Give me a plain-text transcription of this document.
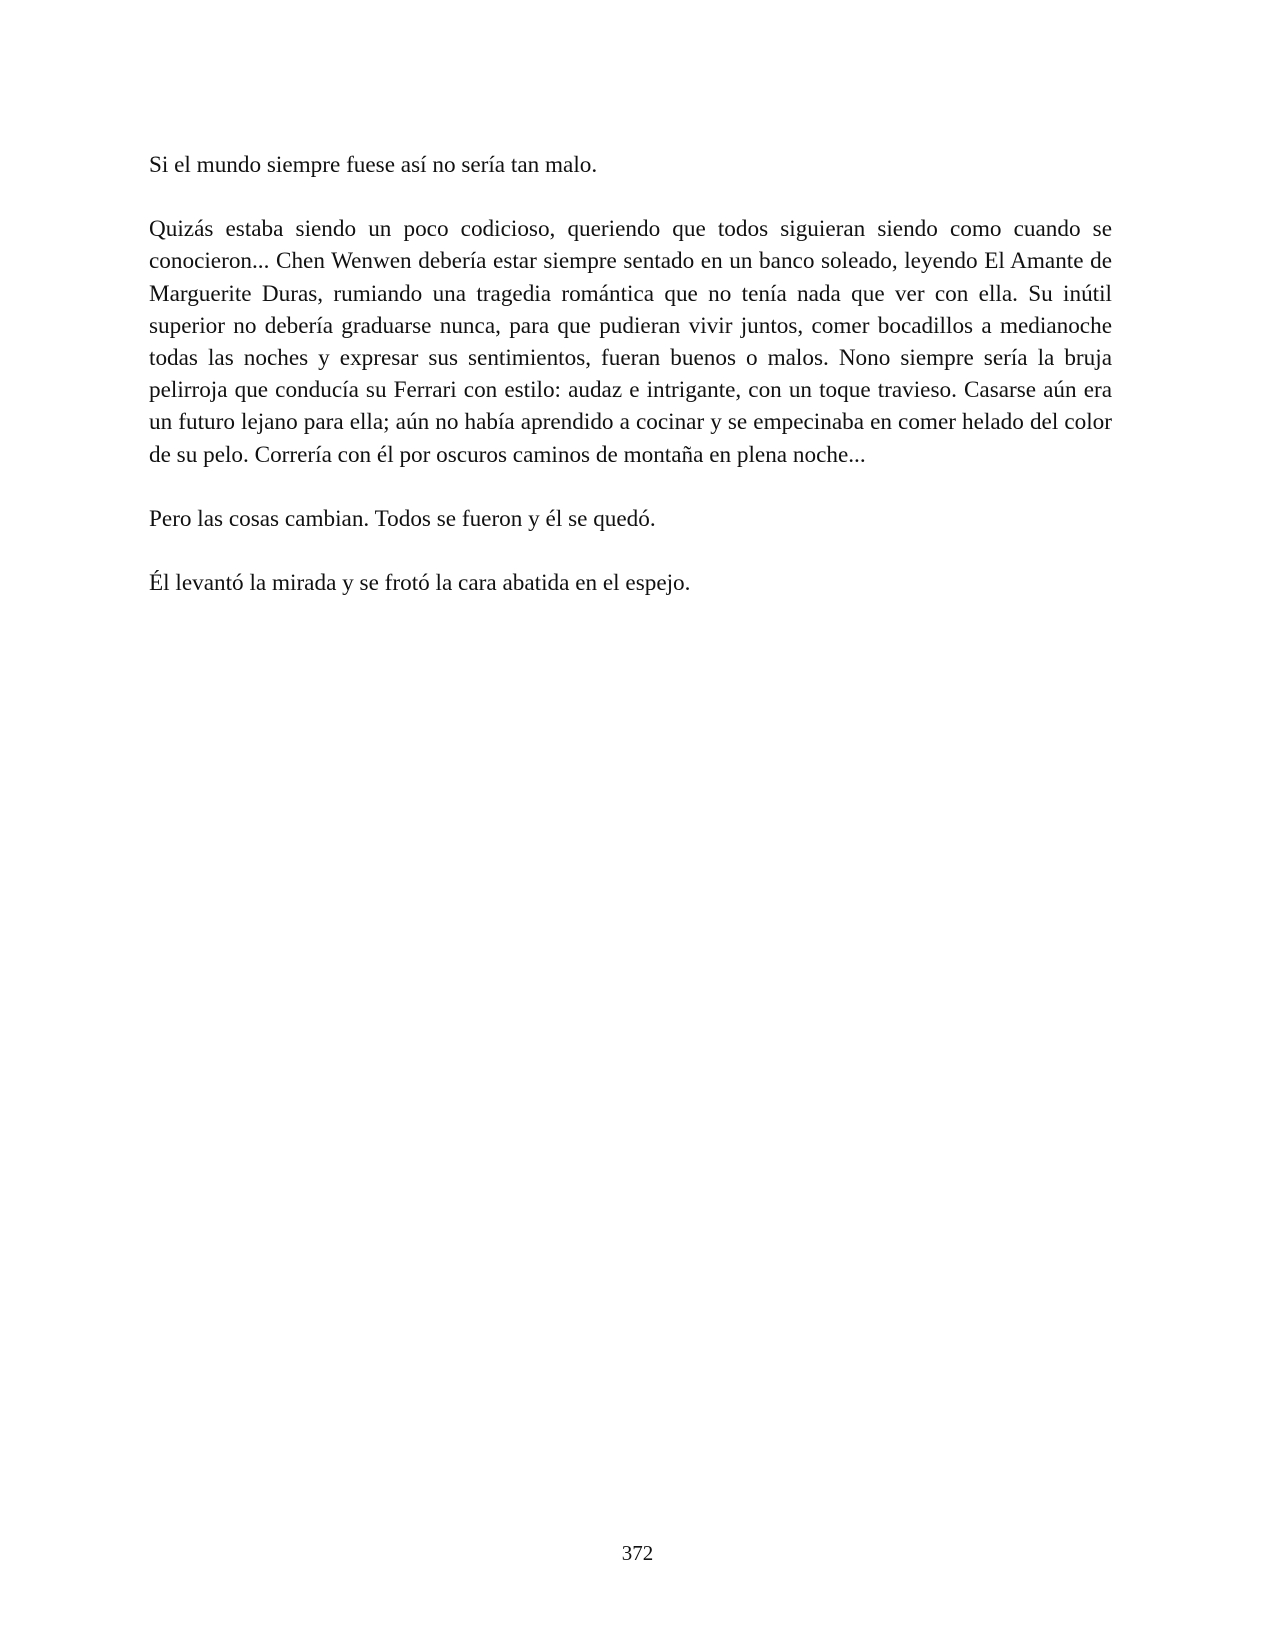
Si el mundo siempre fuese así no sería tan malo.

Quizás estaba siendo un poco codicioso, queriendo que todos siguieran siendo como cuando se conocieron... Chen Wenwen debería estar siempre sentado en un banco soleado, leyendo El Amante de Marguerite Duras, rumiando una tragedia romántica que no tenía nada que ver con ella. Su inútil superior no debería graduarse nunca, para que pudieran vivir juntos, comer bocadillos a medianoche todas las noches y expresar sus sentimientos, fueran buenos o malos. Nono siempre sería la bruja pelirroja que conducía su Ferrari con estilo: audaz e intrigante, con un toque travieso. Casarse aún era un futuro lejano para ella; aún no había aprendido a cocinar y se empecinaba en comer helado del color de su pelo. Correría con él por oscuros caminos de montaña en plena noche...

Pero las cosas cambian. Todos se fueron y él se quedó.

Él levantó la mirada y se frotó la cara abatida en el espejo.

372
